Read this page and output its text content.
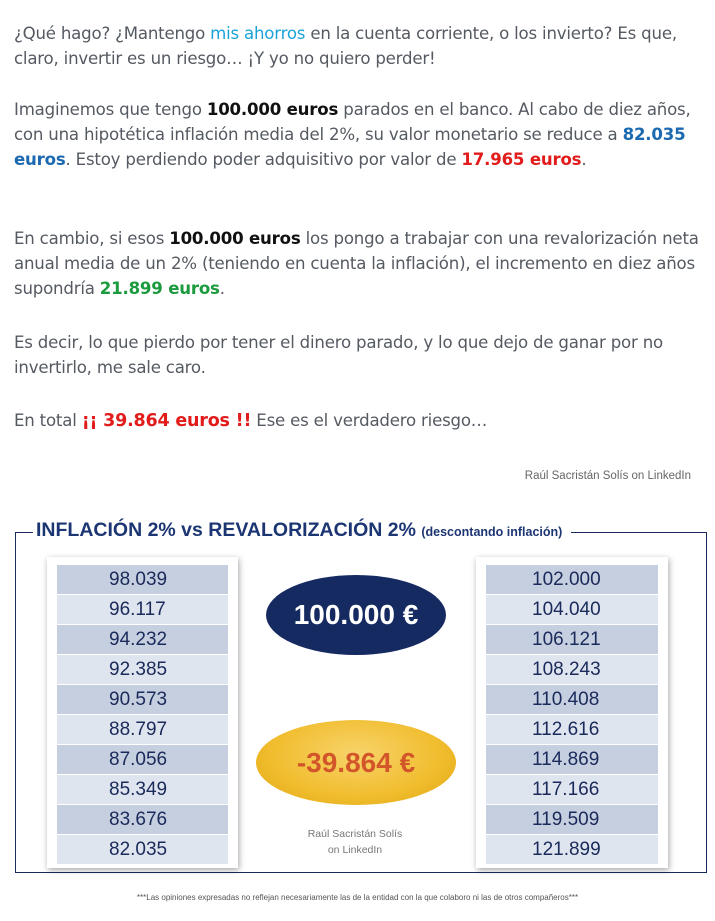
¿Qué hago? ¿Mantengo mis ahorros en la cuenta corriente, o los invierto? Es que, claro, invertir es un riesgo… ¡Y yo no quiero perder!
Imaginemos que tengo 100.000 euros parados en el banco. Al cabo de diez años, con una hipotética inflación media del 2%, su valor monetario se reduce a 82.035 euros. Estoy perdiendo poder adquisitivo por valor de 17.965 euros.
En cambio, si esos 100.000 euros los pongo a trabajar con una revalorización neta anual media de un 2% (teniendo en cuenta la inflación), el incremento en diez años supondría 21.899 euros.
Es decir, lo que pierdo por tener el dinero parado, y lo que dejo de ganar por no invertirlo, me sale caro.
En total ¡¡ 39.864 euros !! Ese es el verdadero riesgo…
Raúl Sacristán Solís on LinkedIn
INFLACIÓN 2% vs REVALORIZACIÓN 2% (descontando inflación)
98.039
96.117
94.232
92.385
90.573
88.797
87.056
85.349
83.676
82.035
102.000
104.040
106.121
108.243
110.408
112.616
114.869
117.166
119.509
121.899
100.000 €
-39.864 €
Raúl Sacristán Solís
on LinkedIn
***Las opiniones expresadas no reflejan necesariamente las de la entidad con la que colaboro ni las de otros compañeros***
